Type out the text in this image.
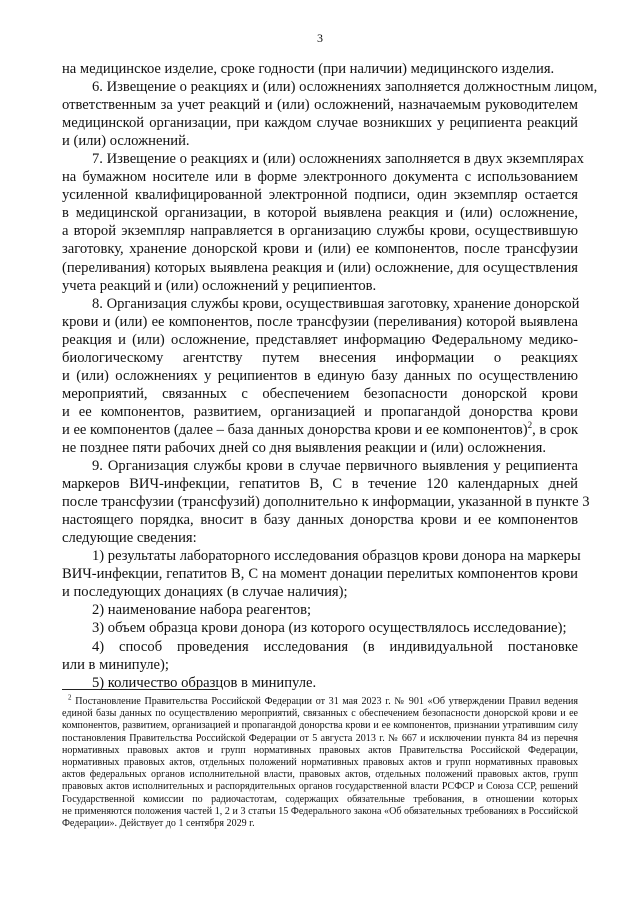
3

на медицинское изделие, сроке годности (при наличии) медицинского изделия.

6. Извещение о реакциях и (или) осложнениях заполняется должностным лицом,
ответственным за учет реакций и (или) осложнений, назначаемым руководителем
медицинской организации, при каждом случае возникших у реципиента реакций
и (или) осложнений.

7. Извещение о реакциях и (или) осложнениях заполняется в двух экземплярах
на бумажном носителе или в форме электронного документа с использованием
усиленной квалифицированной электронной подписи, один экземпляр остается
в медицинской организации, в которой выявлена реакция и (или) осложнение,
а второй экземпляр направляется в организацию службы крови, осуществившую
заготовку, хранение донорской крови и (или) ее компонентов, после трансфузии
(переливания) которых выявлена реакция и (или) осложнение, для осуществления
учета реакций и (или) осложнений у реципиентов.

8. Организация службы крови, осуществившая заготовку, хранение донорской
крови и (или) ее компонентов, после трансфузии (переливания) которой выявлена
реакция и (или) осложнение, представляет информацию Федеральному медико-
биологическому агентству путем внесения информации о реакциях
и (или) осложнениях у реципиентов в единую базу данных по осуществлению
мероприятий, связанных с обеспечением безопасности донорской крови
и ее компонентов, развитием, организацией и пропагандой донорства крови
и ее компонентов (далее – база данных донорства крови и ее компонентов)$^2$, в срок
не позднее пяти рабочих дней со дня выявления реакции и (или) осложнения.

9. Организация службы крови в случае первичного выявления у реципиента
маркеров ВИЧ-инфекции, гепатитов В, С в течение 120 календарных дней
после трансфузии (трансфузий) дополнительно к информации, указанной в пункте 3
настоящего порядка, вносит в базу данных донорства крови и ее компонентов
следующие сведения:

1) результаты лабораторного исследования образцов крови донора на маркеры
ВИЧ-инфекции, гепатитов В, С на момент донации перелитых компонентов крови
и последующих донациях (в случае наличия);

2) наименование набора реагентов;

3) объем образца крови донора (из которого осуществлялось исследование);

4) способ проведения исследования (в индивидуальной постановке
или в минипуле);

5) количество образцов в минипуле.

$^2$ Постановление Правительства Российской Федерации от 31 мая 2023 г. № 901 «Об утверждении Правил ведения
единой базы данных по осуществлению мероприятий, связанных с обеспечением безопасности донорской крови и ее
компонентов, развитием, организацией и пропагандой донорства крови и ее компонентов, признании утратившим силу
постановления Правительства Российской Федерации от 5 августа 2013 г. № 667 и исключении пункта 84 из перечня
нормативных правовых актов и групп нормативных правовых актов Правительства Российской Федерации,
нормативных правовых актов, отдельных положений нормативных правовых актов и групп нормативных правовых
актов федеральных органов исполнительной власти, правовых актов, отдельных положений правовых актов, групп
правовых актов исполнительных и распорядительных органов государственной власти РСФСР и Союза ССР, решений
Государственной комиссии по радиочастотам, содержащих обязательные требования, в отношении которых
не применяются положения частей 1, 2 и 3 статьи 15 Федерального закона «Об обязательных требованиях в Российской
Федерации». Действует до 1 сентября 2029 г.
